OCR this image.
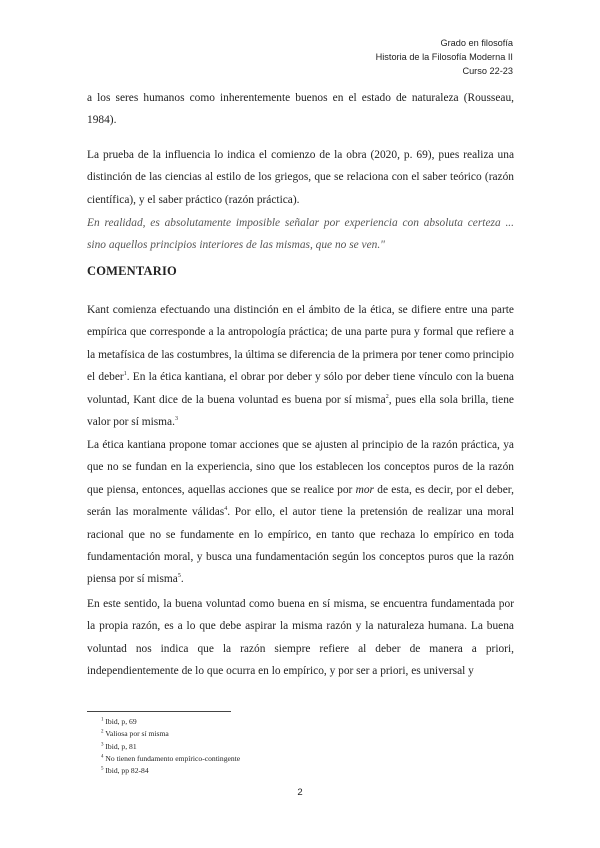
Grado en filosofía
Historia de la Filosofía Moderna II
Curso 22-23

a los seres humanos como inherentemente buenos en el estado de naturaleza (Rousseau, 1984).

La prueba de la influencia lo indica el comienzo de la obra (2020, p. 69), pues realiza una distinción de las ciencias al estilo de los griegos, que se relaciona con el saber teórico (razón científica), y el saber práctico (razón práctica).

En realidad, es absolutamente imposible señalar por experiencia con absoluta certeza ... sino aquellos principios interiores de las mismas, que no se ven."

COMENTARIO

Kant comienza efectuando una distinción en el ámbito de la ética, se difiere entre una parte empírica que corresponde a la antropología práctica; de una parte pura y formal que refiere a la metafísica de las costumbres, la última se diferencia de la primera por tener como principio el deber$^1$. En la ética kantiana, el obrar por deber y sólo por deber tiene vínculo con la buena voluntad, Kant dice de la buena voluntad es buena por sí misma$^2$, pues ella sola brilla, tiene valor por sí misma.$^3$

La ética kantiana propone tomar acciones que se ajusten al principio de la razón práctica, ya que no se fundan en la experiencia, sino que los establecen los conceptos puros de la razón que piensa, entonces, aquellas acciones que se realice por mor de esta, es decir, por el deber, serán las moralmente válidas$^4$. Por ello, el autor tiene la pretensión de realizar una moral racional que no se fundamente en lo empírico, en tanto que rechaza lo empírico en toda fundamentación moral, y busca una fundamentación según los conceptos puros que la razón piensa por sí misma$^5$.

En este sentido, la buena voluntad como buena en sí misma, se encuentra fundamentada por la propia razón, es a lo que debe aspirar la misma razón y la naturaleza humana. La buena voluntad nos indica que la razón siempre refiere al deber de manera a priori, independientemente de lo que ocurra en lo empírico, y por ser a priori, es universal y

$^1$ Ibid, p, 69
$^2$ Valiosa por sí misma
$^3$ Ibid, p, 81
$^4$ No tienen fundamento empírico-contingente
$^5$ Ibid, pp 82-84
2
